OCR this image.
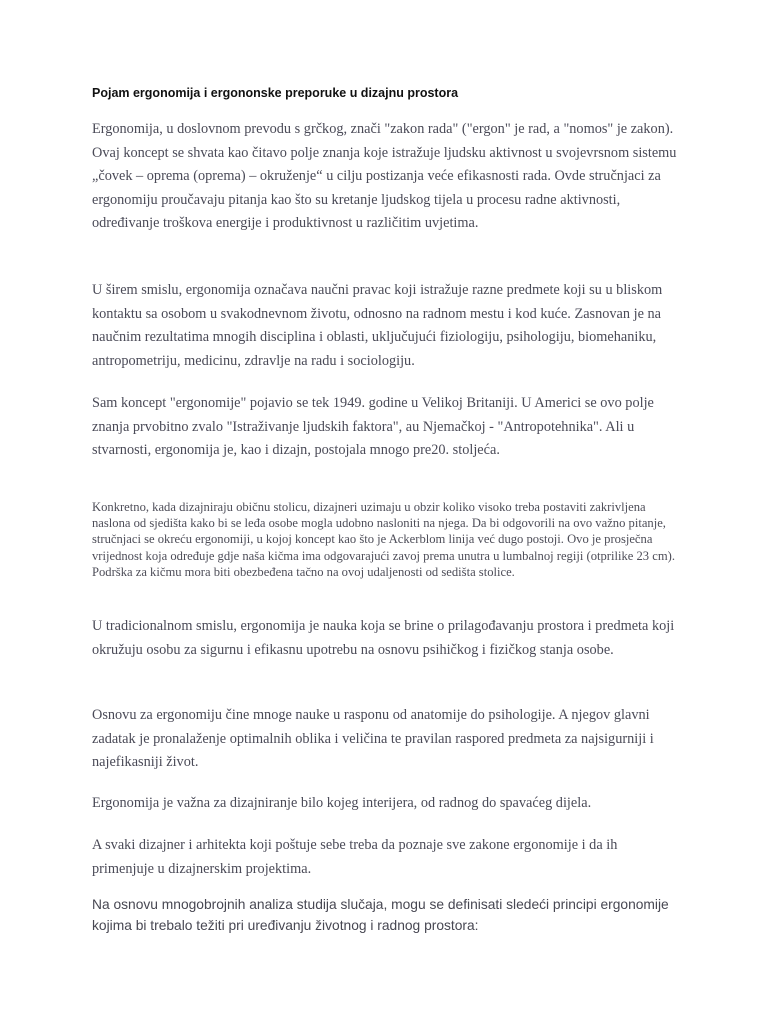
Pojam ergonomija i ergononske preporuke u dizajnu prostora

Ergonomija, u doslovnom prevodu s grčkog, znači "zakon rada" ("ergon" je rad, a "nomos" je zakon). Ovaj koncept se shvata kao čitavo polje znanja koje istražuje ljudsku aktivnost u svojevrsnom sistemu „čovek – oprema (oprema) – okruženje“ u cilju postizanja veće efikasnosti rada. Ovde stručnjaci za ergonomiju proučavaju pitanja kao što su kretanje ljudskog tijela u procesu radne aktivnosti, određivanje troškova energije i produktivnost u različitim uvjetima.

U širem smislu, ergonomija označava naučni pravac koji istražuje razne predmete koji su u bliskom kontaktu sa osobom u svakodnevnom životu, odnosno na radnom mestu i kod kuće. Zasnovan je na naučnim rezultatima mnogih disciplina i oblasti, uključujući fiziologiju, psihologiju, biomehaniku, antropometriju, medicinu, zdravlje na radu i sociologiju.

Sam koncept "ergonomije" pojavio se tek 1949. godine u Velikoj Britaniji. U Americi se ovo polje znanja prvobitno zvalo "Istraživanje ljudskih faktora", au Njemačkoj - "Antropotehnika". Ali u stvarnosti, ergonomija je, kao i dizajn, postojala mnogo pre20. stoljeća.

Konkretno, kada dizajniraju običnu stolicu, dizajneri uzimaju u obzir koliko visoko treba postaviti zakrivljena naslona od sjedišta kako bi se leđa osobe mogla udobno nasloniti na njega. Da bi odgovorili na ovo važno pitanje, stručnjaci se okreću ergonomiji, u kojoj koncept kao što je Ackerblom linija već dugo postoji. Ovo je prosječna vrijednost koja određuje gdje naša kičma ima odgovarajući zavoj prema unutra u lumbalnoj regiji (otprilike 23 cm). Podrška za kičmu mora biti obezbeđena tačno na ovoj udaljenosti od sedišta stolice.

U tradicionalnom smislu, ergonomija je nauka koja se brine o prilagođavanju prostora i predmeta koji okružuju osobu za sigurnu i efikasnu upotrebu na osnovu psihičkog i fizičkog stanja osobe.

Osnovu za ergonomiju čine mnoge nauke u rasponu od anatomije do psihologije. A njegov glavni zadatak je pronalaženje optimalnih oblika i veličina te pravilan raspored predmeta za najsigurniji i najefikasniji život.

Ergonomija je važna za dizajniranje bilo kojeg interijera, od radnog do spavaćeg dijela.

A svaki dizajner i arhitekta koji poštuje sebe treba da poznaje sve zakone ergonomije i da ih primenjuje u dizajnerskim projektima.

Na osnovu mnogobrojnih analiza studija slučaja, mogu se definisati sledeći principi ergonomije kojima bi trebalo težiti pri uređivanju životnog i radnog prostora:
